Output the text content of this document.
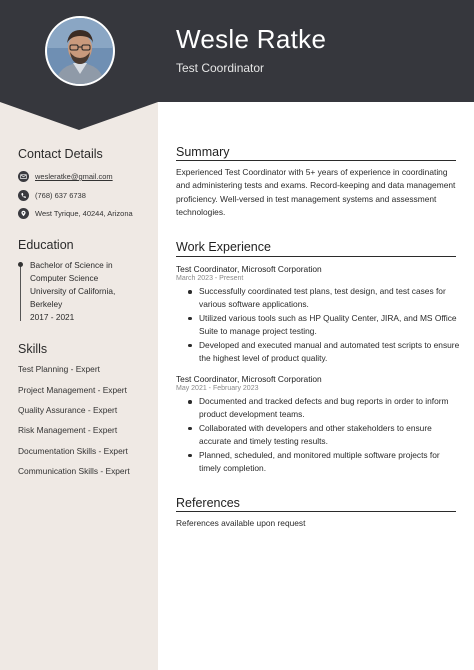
Wesle Ratke
Test Coordinator
Contact Details
wesleratke@gmail.com
(768) 637 6738
West Tyrique, 40244, Arizona
Education
Bachelor of Science in
Computer Science
University of California,
Berkeley
2017 - 2021
Skills
Test Planning - Expert
Project Management - Expert
Quality Assurance - Expert
Risk Management - Expert
Documentation Skills - Expert
Communication Skills - Expert
Summary
Experienced Test Coordinator with 5+ years of experience in coordinating and administering tests and exams. Record-keeping and data management proficiency. Well-versed in test management systems and assessment technologies.
Work Experience
Test Coordinator, Microsoft Corporation
March 2023 - Present
Successfully coordinated test plans, test design, and test cases for various software applications.
Utilized various tools such as HP Quality Center, JIRA, and MS Office Suite to manage project testing.
Developed and executed manual and automated test scripts to ensure the highest level of product quality.
Test Coordinator, Microsoft Corporation
May 2021 - February 2023
Documented and tracked defects and bug reports in order to inform product development teams.
Collaborated with developers and other stakeholders to ensure accurate and timely testing results.
Planned, scheduled, and monitored multiple software projects for timely completion.
References
References available upon request
